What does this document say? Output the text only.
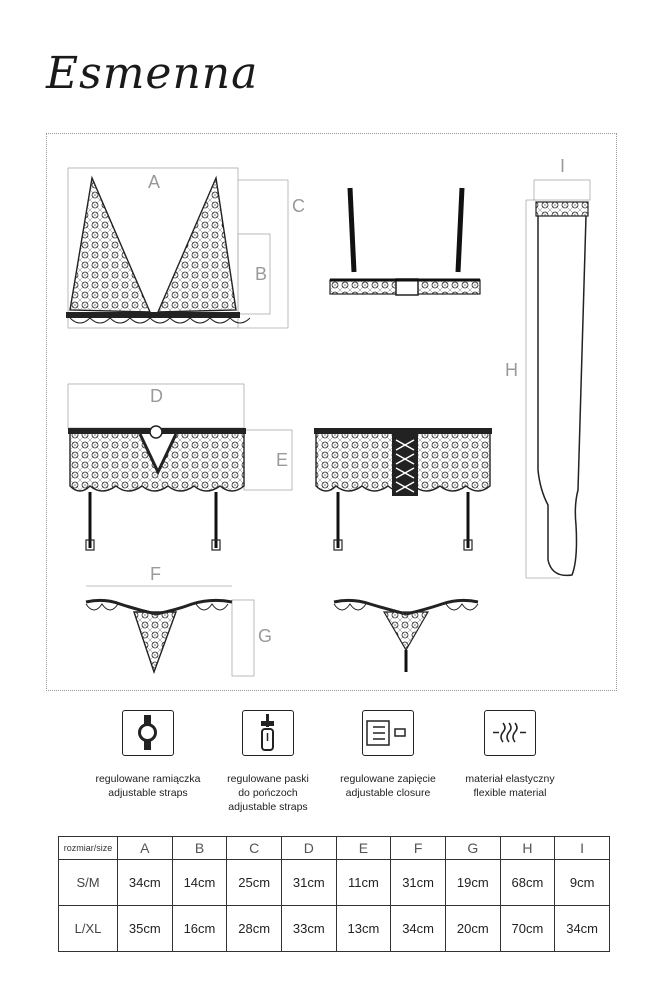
Esmenna
A
B
C
D
E
F
G
H
I
regulowane ramiączka
adjustable straps
regulowane paski
do pończoch
adjustable straps
regulowane zapięcie
adjustable closure
materiał elastyczny
flexible material
rozmiar/size	A	B	C	D	E	F	G	H	I
S/M	34cm	14cm	25cm	31cm	11cm	31cm	19cm	68cm	9cm
L/XL	35cm	16cm	28cm	33cm	13cm	34cm	20cm	70cm	34cm
